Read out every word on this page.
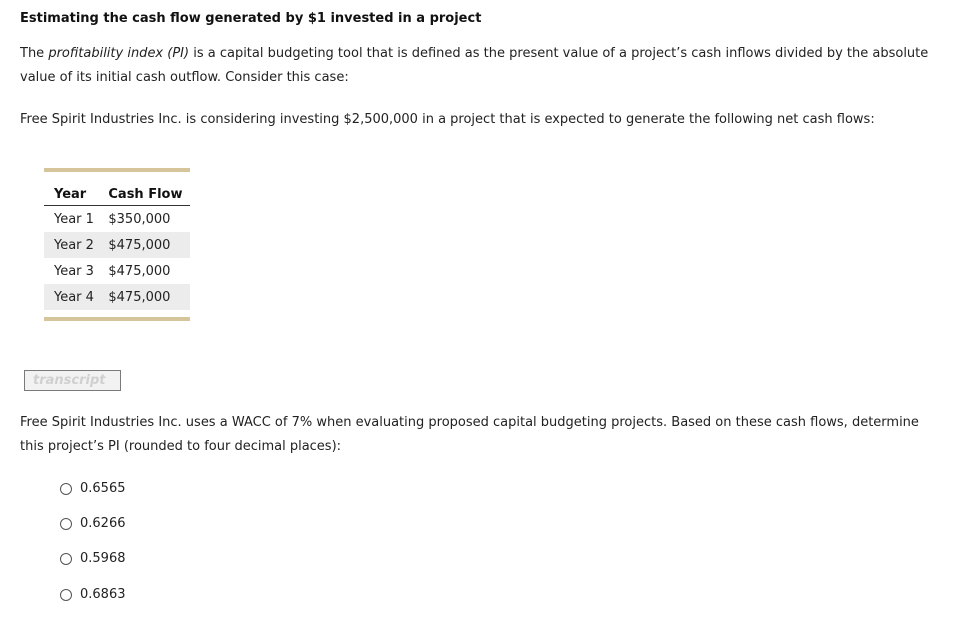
Estimating the cash flow generated by $1 invested in a project
The profitability index (PI) is a capital budgeting tool that is defined as the present value of a project’s cash inflows divided by the absolute value of its initial cash outflow. Consider this case:
Free Spirit Industries Inc. is considering investing $2,500,000 in a project that is expected to generate the following net cash flows:
Year	Cash Flow
Year 1	$350,000
Year 2	$475,000
Year 3	$475,000
Year 4	$475,000
transcript
Free Spirit Industries Inc. uses a WACC of 7% when evaluating proposed capital budgeting projects. Based on these cash flows, determine this project’s PI (rounded to four decimal places):
0.6565
0.6266
0.5968
0.6863
